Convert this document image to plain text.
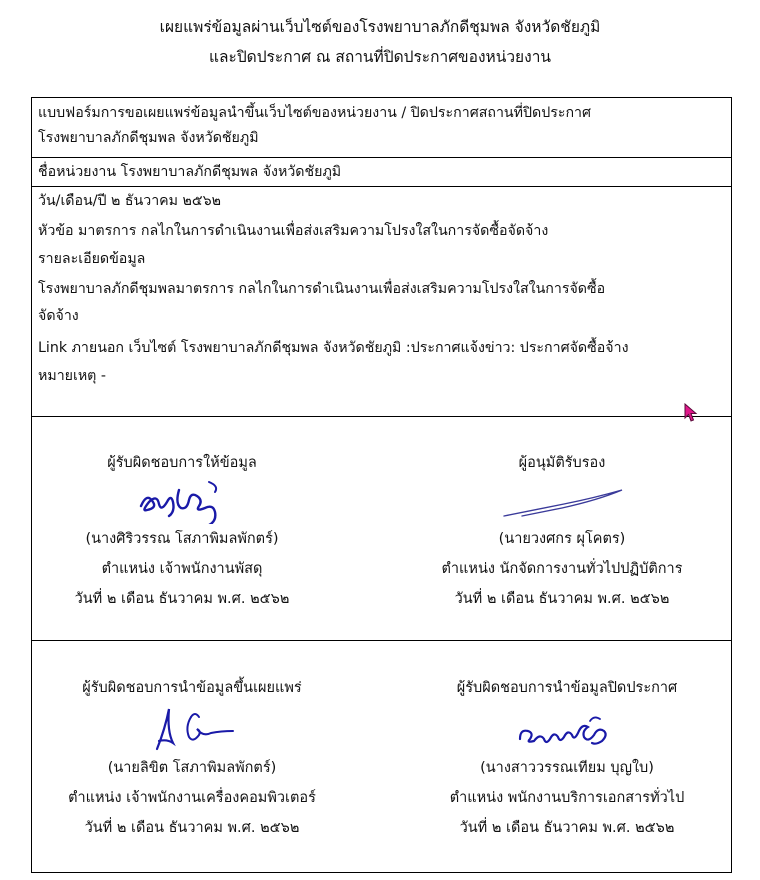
เผยแพร่ข้อมูลผ่านเว็บไซต์ของโรงพยาบาลภักดีชุมพล จังหวัดชัยภูมิ
และปิดประกาศ ณ สถานที่ปิดประกาศของหน่วยงาน
แบบฟอร์มการขอเผยแพร่ข้อมูลนำขึ้นเว็บไซต์ของหน่วยงาน / ปิดประกาศสถานที่ปิดประกาศ
โรงพยาบาลภักดีชุมพล จังหวัดชัยภูมิ
ชื่อหน่วยงาน โรงพยาบาลภักดีชุมพล จังหวัดชัยภูมิ
วัน/เดือน/ปี ๒ ธันวาคม ๒๕๖๒
หัวข้อ มาตรการ กลไกในการดำเนินงานเพื่อส่งเสริมความโปรงใสในการจัดซื้อจัดจ้าง
รายละเอียดข้อมูล
โรงพยาบาลภักดีชุมพลมาตรการ กลไกในการดำเนินงานเพื่อส่งเสริมความโปรงใสในการจัดซื้อ
จัดจ้าง
Link ภายนอก เว็บไซต์ โรงพยาบาลภักดีชุมพล จังหวัดชัยภูมิ :ประกาศแจ้งข่าว: ประกาศจัดซื้อจ้าง
หมายเหตุ -
ผู้รับผิดชอบการให้ข้อมูล
(นางศิริวรรณ โสภาพิมลพักตร์)
ตำแหน่ง เจ้าพนักงานพัสดุ
วันที่ ๒ เดือน ธันวาคม พ.ศ. ๒๕๖๒
ผู้อนุมัติรับรอง
(นายวงศกร ผุโคตร)
ตำแหน่ง นักจัดการงานทั่วไปปฏิบัติการ
วันที่ ๒ เดือน ธันวาคม พ.ศ. ๒๕๖๒
ผู้รับผิดชอบการนำข้อมูลขึ้นเผยแพร่
(นายลิขิต โสภาพิมลพักตร์)
ตำแหน่ง เจ้าพนักงานเครื่องคอมพิวเตอร์
วันที่ ๒ เดือน ธันวาคม พ.ศ. ๒๕๖๒
ผู้รับผิดชอบการนำข้อมูลปิดประกาศ
(นางสาววรรณเทียม บุญใบ)
ตำแหน่ง พนักงานบริการเอกสารทั่วไป
วันที่ ๒ เดือน ธันวาคม พ.ศ. ๒๕๖๒
